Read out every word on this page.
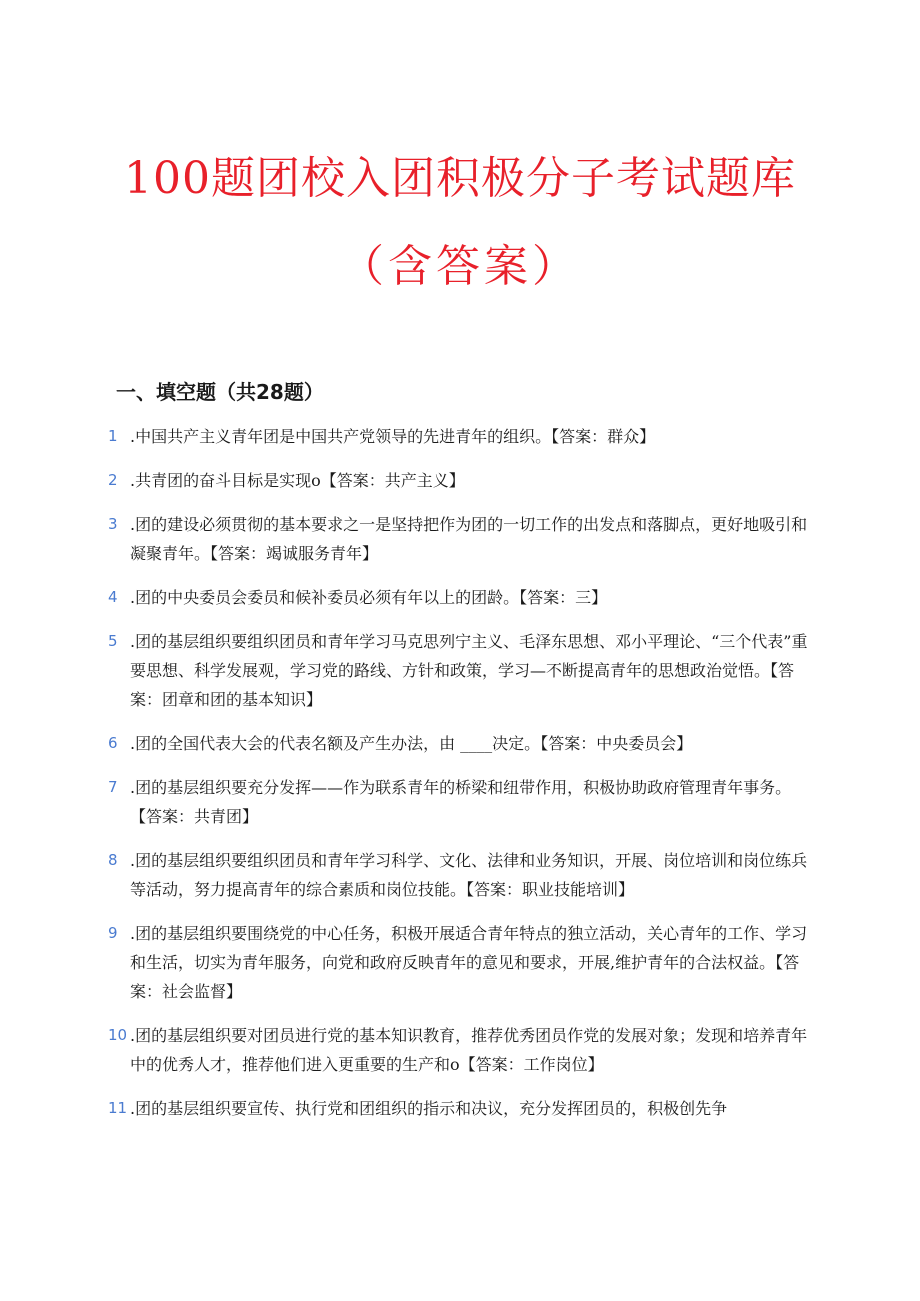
100题团校入团积极分子考试题库
（含答案）
一、填空题（共28题）
1 .中国共产主义青年团是中国共产党领导的先进青年的组织。【答案：群众】
2 .共青团的奋斗目标是实现o【答案：共产主义】
3 .团的建设必须贯彻的基本要求之一是坚持把作为团的一切工作的出发点和落脚点，更好地吸引和凝聚青年。【答案：竭诚服务青年】
4 .团的中央委员会委员和候补委员必须有年以上的团龄。【答案：三】
5 .团的基层组织要组织团员和青年学习马克思列宁主义、毛泽东思想、邓小平理论、“三个代表”重要思想、科学发展观，学习党的路线、方针和政策，学习—不断提高青年的思想政治觉悟。【答案：团章和团的基本知识】
6 .团的全国代表大会的代表名额及产生办法，由 ____决定。【答案：中央委员会】
7 .团的基层组织要充分发挥——作为联系青年的桥梁和纽带作用，积极协助政府管理青年事务。【答案：共青团】
8 .团的基层组织要组织团员和青年学习科学、文化、法律和业务知识，开展、岗位培训和岗位练兵等活动，努力提高青年的综合素质和岗位技能。【答案：职业技能培训】
9 .团的基层组织要围绕党的中心任务，积极开展适合青年特点的独立活动，关心青年的工作、学习和生活，切实为青年服务，向党和政府反映青年的意见和要求，开展,维护青年的合法权益。【答案：社会监督】
10 .团的基层组织要对团员进行党的基本知识教育，推荐优秀团员作党的发展对象；发现和培养青年中的优秀人才，推荐他们进入更重要的生产和o【答案：工作岗位】
11 .团的基层组织要宣传、执行党和团组织的指示和决议，充分发挥团员的，积极创先争
